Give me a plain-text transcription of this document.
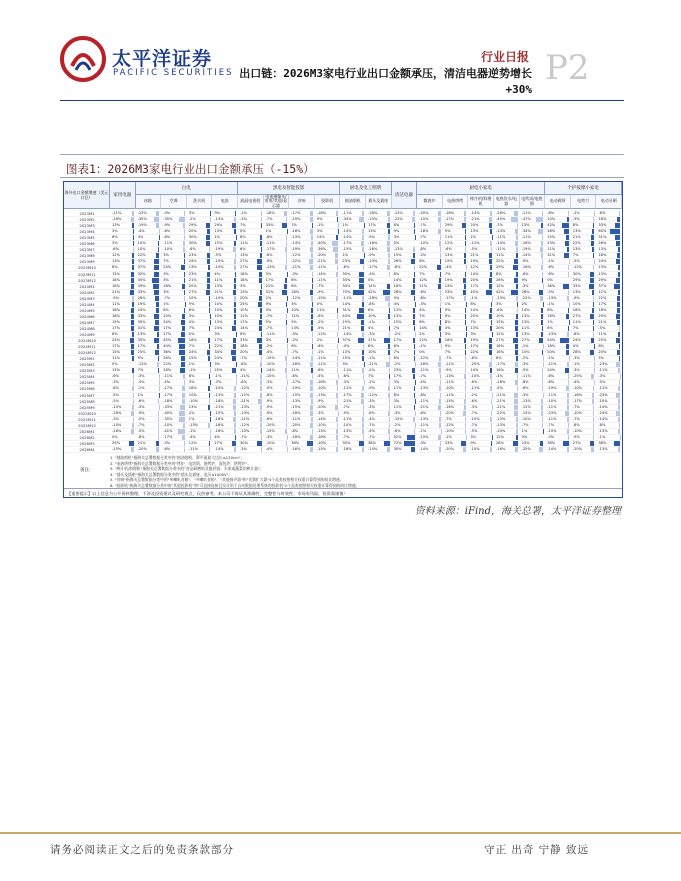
太平洋证券
PACIFIC SECURITIES
行业日报 P2
出口链：2026M3家电行业出口金额承压，清洁电器逆势增长+30%
图表1：2026M3家电行业出口金额承压（-15%）
海外出口金额增速（美元口径）
备注：
1. "抽油烟机"指海关总署数据分类中的"抽油烟机，罩平面最大边长≤120cm"；
2. "电热烘烤"指海关总署数据分类中的"烤炉，电饭锅，烧烤炉，面包炉，烘烤炉"；
3. "榨汁机/料理机"指海关总署数据分类中的"食品研磨机及搅拌器；水果或蔬菜的榨汁器"；
4. "插头及插座"指海关总署数据分类中的"插头及插座，电压≤1000V"；
5. "音响"指海关总署数据分类中的"单喇叭音箱"、"多喇叭音箱"、"其他扬声器"和"音频扩大器"4个品类按照相关权重计算得到的同比增速。
6. "投影机"指海关总署数据分类中的"其他投影机"和"可直接连接且设计用于自动数据处理系统的投影机"2个品类按照相关权重计算得到的同比增速。
【重要提示】以上信息为公开资料整理，不涉及投资建议及研究观点，仅供参考。本公司不保证其准确性、完整性与时效性；市场有风险，投资需谨慎！
家用电器
白电
冰箱	空调	洗衣机	电扇
黑电及智能投影
液晶电视机
电视摄像头/家用/其他/显示器
音响	投影机
厨电及电工照明
抽油烟机	插头及插座
清洁电器
厨电小家电
微波炉	电热烘烤	榨汁机/料理机
电热饮水/电器
电吹风/电热锅
个护按摩小家电
电动剃须	电剪刀	电动牙刷
2023M1	-11%	-23%	-3%	3%	9%	-1%	-18%	-17%	-16%	-11%	-18%	-13%	-20%	-16%	-14%	-26%	-11%	-6%	-2%	-6%
2023M2	-16%	-35%	-35%	-2%	-13%	-3%	-7%	-19%	9%	-34%	-13%	-23%	-15%	-17%	-21%	-40%	-47%	10%	-9%	18%
2023M3	13%	-19%	-9%	29%	29%	7%	33%	7%	-1%	1%	17%	8%	-7%	29%	20%	-7%	13%	42%	8%	33%
2023M4	3%	-4%	-6%	20%	13%	0%	1%	-16%	3%	-14%	13%	9%	-18%	9%	13%	-14%	-34%	28%	13%	65%
2023M5	6%	4%	-6%	30%	1%	8%	-6%	-13%	14%	-14%	-9%	3%	-7%	11%	1%	-11%	-11%	15%	21%	31%
2023M6	3%	10%	-11%	30%	15%	11%	-11%	-14%	-40%	-17%	-16%	0%	-10%	12%	-12%	-14%	-16%	23%	22%	26%
2023M7	-6%	10%	-10%	-6%	-19%	6%	-17%	-19%	-36%	-15%	-16%	-13%	-8%	-6%	-5%	-11%	-19%	11%	13%	13%
2023M8	12%	22%	3%	23%	-5%	13%	-6%	-12%	-20%	1%	-9%	15%	-2%	13%	21%	11%	-14%	31%	7%	18%
2023M9	13%	37%	7%	24%	-10%	27%	-9%	-22%	-21%	23%	-13%	26%	8%	15%	19%	22%	-9%	-1%	-5%	24%
2023M10	8%	37%	24%	13%	-10%	27%	-13%	-21%	-11%	-6%	-17%	-8%	22%	-4%	12%	29%	-16%	-6%	-12%	13%
2023M11	15%	32%	3%	23%	4%	18%	3%	-3%	-14%	30%	-3%	6%	7%	7%	14%	8%	-6%	-6%	30%	13%
2023M12	18%	45%	3%	21%	11%	18%	17%	6%	-11%	34%	0%	14%	12%	19%	20%	26%	9%	0%	29%	29%
2024M1	18%	39%	18%	20%	13%	3%	21%	6%	-7%	34%	14%	16%	21%	14%	17%	12%	-3%	36%	33%	37%
2024M2	21%	33%	3%	27%	21%	13%	31%	18%	-9%	70%	42%	26%	-6%	23%	40%	42%	26%	-5%	13%	12%
2024M3	-9%	26%	-7%	10%	-10%	20%	2%	-12%	-15%	-11%	-28%	9%	-8%	-17%	-1%	-13%	-22%	-13%	-9%	22%
2024M4	11%	19%	1%	9%	10%	25%	9%	3%	0%	14%	-8%	4%	-3%	1%	8%	3%	2%	-1%	10%	17%
2024M5	16%	24%	8%	8%	10%	10%	3%	10%	11%	31%	6%	13%	4%	9%	14%	-6%	14%	8%	16%	18%
2024M6	18%	33%	20%	3%	10%	11%	-7%	11%	-6%	44%	10%	13%	7%	9%	20%	10%	13%	16%	27%	29%
2024M7	15%	30%	24%	4%	13%	17%	5%	9%	-2%	19%	-1%	15%	6%	8%	7%	15%	13%	1%	11%	21%
2024M8	17%	31%	17%	7%	24%	14%	-7%	13%	-5%	21%	4%	7%	14%	4%	13%	20%	11%	6%	7%	-5%
2024M9	8%	13%	27%	0%	3%	6%	-11%	-3%	-12%	-14%	-3%	-2%	2%	3%	3%	12%	13%	-13%	-8%	11%
2024M10	23%	35%	45%	18%	17%	33%	3%	-2%	2%	37%	37%	17%	12%	16%	19%	27%	27%	54%	24%	25%
2024M11	17%	17%	40%	7%	22%	18%	-2%	6%	-6%	-4%	8%	6%	-1%	9%	17%	16%	-1%	18%	4%	8%
2024M12	15%	25%	36%	24%	34%	20%	-4%	-7%	-1%	13%	10%	7%	0%	7%	22%	16%	10%	20%	28%	20%
2025M1	11%	9%	26%	15%	24%	-7%	-15%	-14%	-11%	15%	-1%	8%	-12%	-7%	-6%	8%	-2%	-1%	-3%	5%
2025M2	0%	-12%	22%	1%	3%	-8%	-10%	-16%	-11%	3%	-21%	-2%	-16%	-11%	-20%	-17%	-3%	-11%	-1%	-23%
2025M3	13%	7%	28%	-1%	25%	4%	-14%	11%	-6%	-11%	-2%	23%	-11%	-9%	14%	16%	-5%	24%	-3%	-11%
2025M4	-6%	-3%	-11%	8%	-1%	-11%	-10%	-6%	-4%	-6%	7%	17%	-7%	-13%	-10%	-4%	-11%	-6%	-25%	-3%
2025M5	-3%	-4%	-4%	3%	-3%	-8%	-3%	-17%	-18%	-3%	-2%	3%	-4%	-11%	-6%	-18%	-8%	-8%	-4%	-5%
2025M6	-8%	-1%	-17%	18%	-10%	-12%	-9%	-19%	-10%	-12%	-9%	11%	-13%	-10%	-11%	-5%	-6%	-19%	-10%	-12%
2025M7	-5%	1%	-17%	10%	-13%	-12%	-8%	-15%	-13%	-17%	-12%	8%	-8%	-11%	-2%	-21%	-3%	-11%	-16%	-23%
2025M8	-5%	-6%	-18%	-10%	-18%	-21%	-9%	-13%	-9%	-21%	-3%	3%	-11%	-15%	-6%	-21%	-13%	-10%	-17%	-10%
2025M9	-10%	-3%	-33%	13%	-21%	-13%	-9%	-15%	-20%	-7%	-3%	11%	-21%	-16%	-3%	-21%	-12%	-11%	-7%	-14%
2025M10	-18%	-9%	-40%	2%	-15%	-13%	-9%	-16%	-3%	-9%	-8%	-3%	-6%	-20%	-7%	-22%	-15%	-23%	-10%	-24%
2025M11	-3%	-5%	-35%	1%	-18%	-11%	-6%	-11%	-14%	-11%	-4%	-15%	-13%	-7%	-10%	-13%	-10%	-11%	-7%	-14%
2025M12	-10%	-7%	-10%	-13%	-16%	-12%	-10%	-20%	-10%	-10%	-7%	-2%	-11%	-12%	-7%	-13%	-7%	-7%	-8%	-8%
2026M1	-16%	-5%	-41%	-1%	-16%	-10%	-15%	-8%	-13%	-13%	-9%	-6%	-1%	-10%	-5%	-10%	1%	-10%	-10%	-13%
2026M2	0%	-8%	-17%	-4%	4%	-7%	-3%	-16%	-16%	-7%	-7%	52%	-15%	-1%	3%	12%	0%	-3%	-9%	-1%
2026M3	29%	21%	-3%	12%	27%	30%	-10%	36%	-10%	30%	38%	72%	-3%	33%	9%	28%	23%	38%	27%	38%
2026M4	-15%	-20%	-6%	-11%	-14%	-3%	-4%	-16%	-15%	-16%	-14%	30%	-14%	-20%	-10%	-16%	-25%	-14%	-20%	-13%
资料来源：iFind，海关总署，太平洋证券整理
请务必阅读正文之后的免责条款部分	守正 出奇 宁静 致远
